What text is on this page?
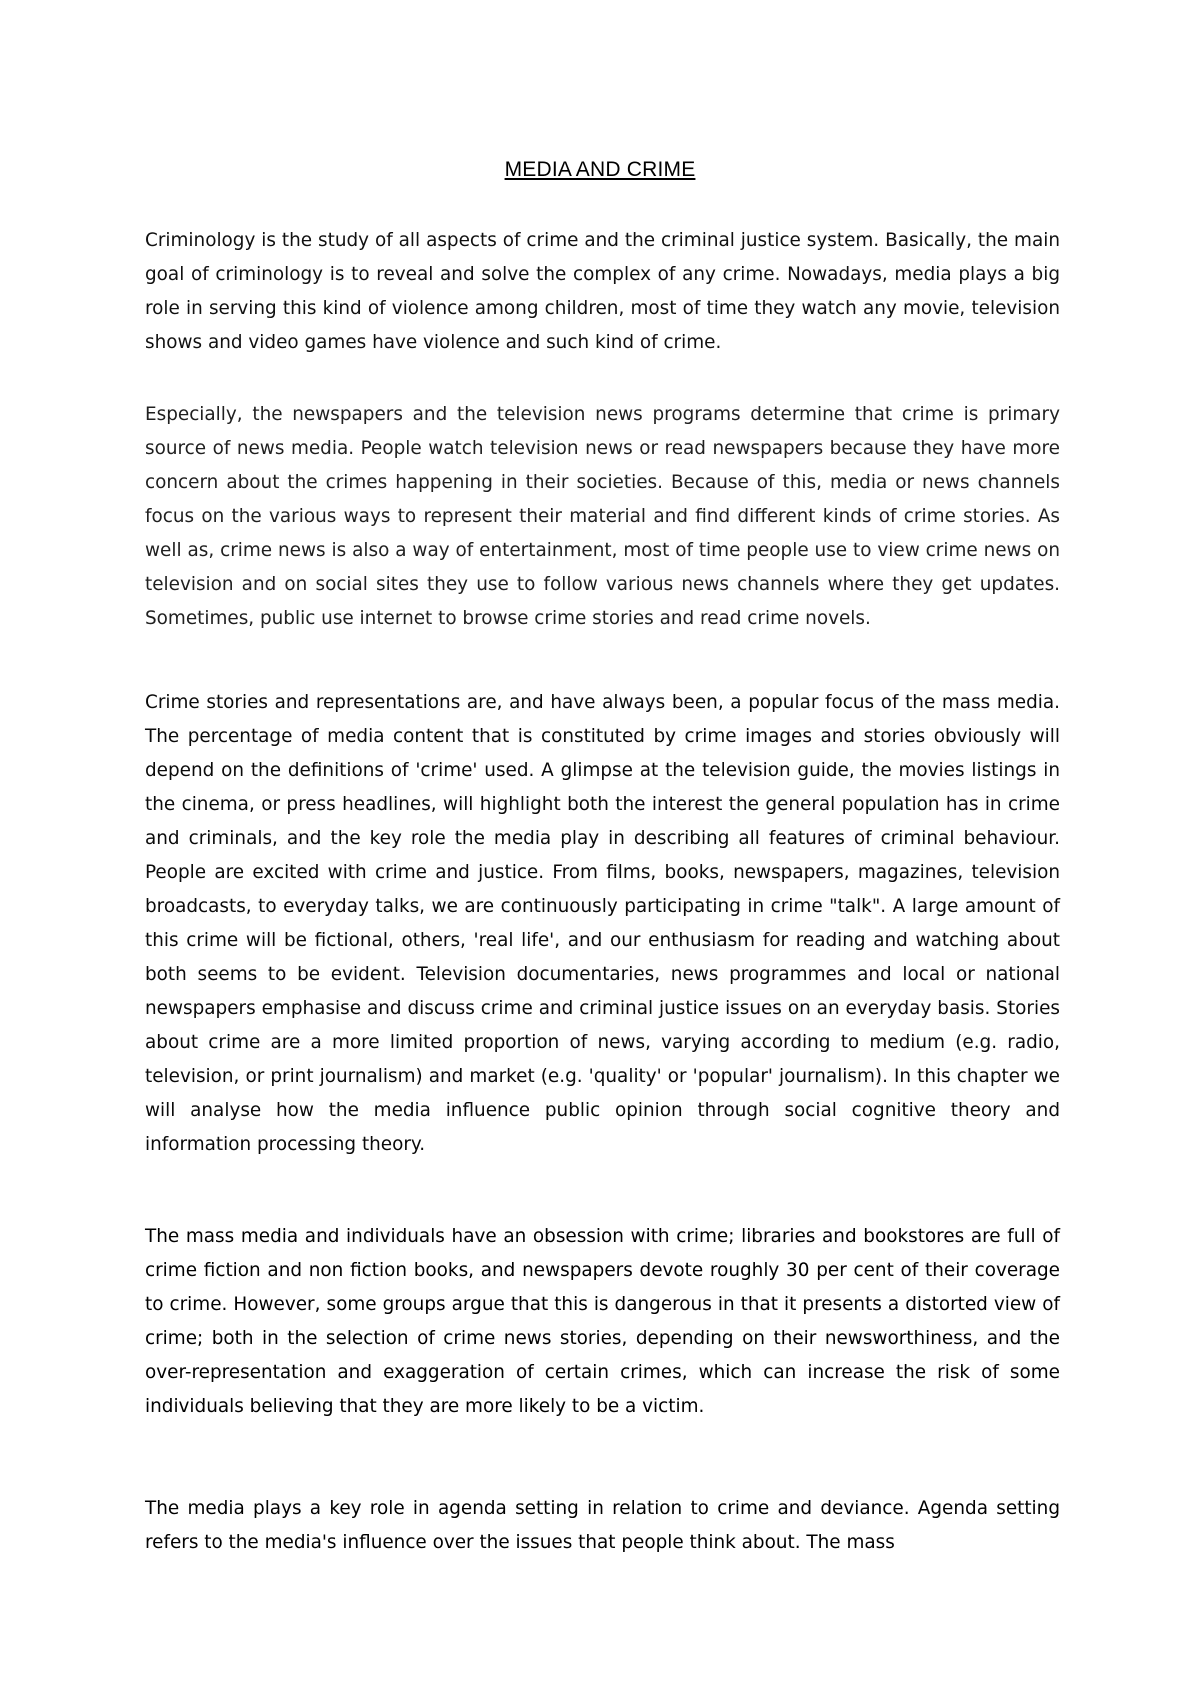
MEDIA AND CRIME

Criminology is the study of all aspects of crime and the criminal justice system. Basically, the main goal of criminology is to reveal and solve the complex of any crime. Nowadays, media plays a big role in serving this kind of violence among children, most of time they watch any movie, television shows and video games have violence and such kind of crime.

Especially, the newspapers and the television news programs determine that crime is primary source of news media. People watch television news or read newspapers because they have more concern about the crimes happening in their societies. Because of this, media or news channels focus on the various ways to represent their material and find different kinds of crime stories. As well as, crime news is also a way of entertainment, most of time people use to view crime news on television and on social sites they use to follow various news channels where they get updates. Sometimes, public use internet to browse crime stories and read crime novels.

Crime stories and representations are, and have always been, a popular focus of the mass media. The percentage of media content that is constituted by crime images and stories obviously will depend on the definitions of 'crime' used. A glimpse at the television guide, the movies listings in the cinema, or press headlines, will highlight both the interest the general population has in crime and criminals, and the key role the media play in describing all features of criminal behaviour. People are excited with crime and justice. From films, books, newspapers, magazines, television broadcasts, to everyday talks, we are continuously participating in crime "talk". A large amount of this crime will be fictional, others, 'real life', and our enthusiasm for reading and watching about both seems to be evident. Television documentaries, news programmes and local or national newspapers emphasise and discuss crime and criminal justice issues on an everyday basis. Stories about crime are a more limited proportion of news, varying according to medium (e.g. radio, television, or print journalism) and market (e.g. 'quality' or 'popular' journalism). In this chapter we will analyse how the media influence public opinion through social cognitive theory and information processing theory.

The mass media and individuals have an obsession with crime; libraries and bookstores are full of crime fiction and non fiction books, and newspapers devote roughly 30 per cent of their coverage to crime. However, some groups argue that this is dangerous in that it presents a distorted view of crime; both in the selection of crime news stories, depending on their newsworthiness, and the over-representation and exaggeration of certain crimes, which can increase the risk of some individuals believing that they are more likely to be a victim.

The media plays a key role in agenda setting in relation to crime and deviance. Agenda setting refers to the media's influence over the issues that people think about. The mass
